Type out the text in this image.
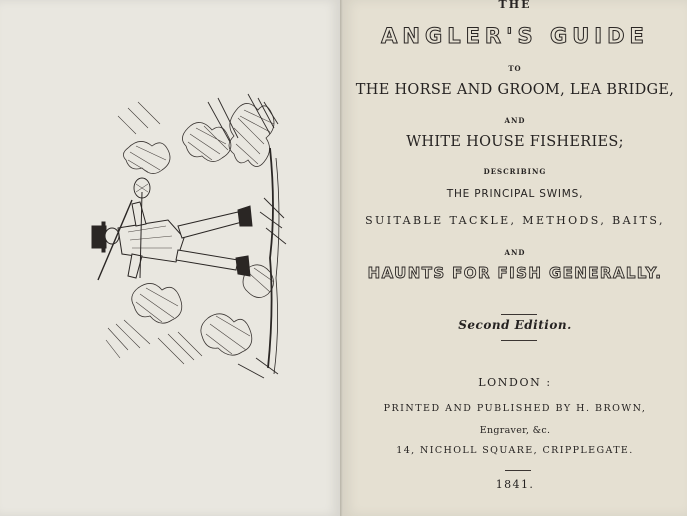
THE
ANGLER'S GUIDE
TO
THE HORSE AND GROOM, LEA BRIDGE,
AND
WHITE HOUSE FISHERIES;
DESCRIBING
THE PRINCIPAL SWIMS,
SUITABLE TACKLE, METHODS, BAITS,
AND
HAUNTS FOR FISH GENERALLY.
Second Edition.
LONDON :
PRINTED AND PUBLISHED BY H. BROWN,
Engraver, &c.
14, NICHOLL SQUARE, CRIPPLEGATE.
1841.
